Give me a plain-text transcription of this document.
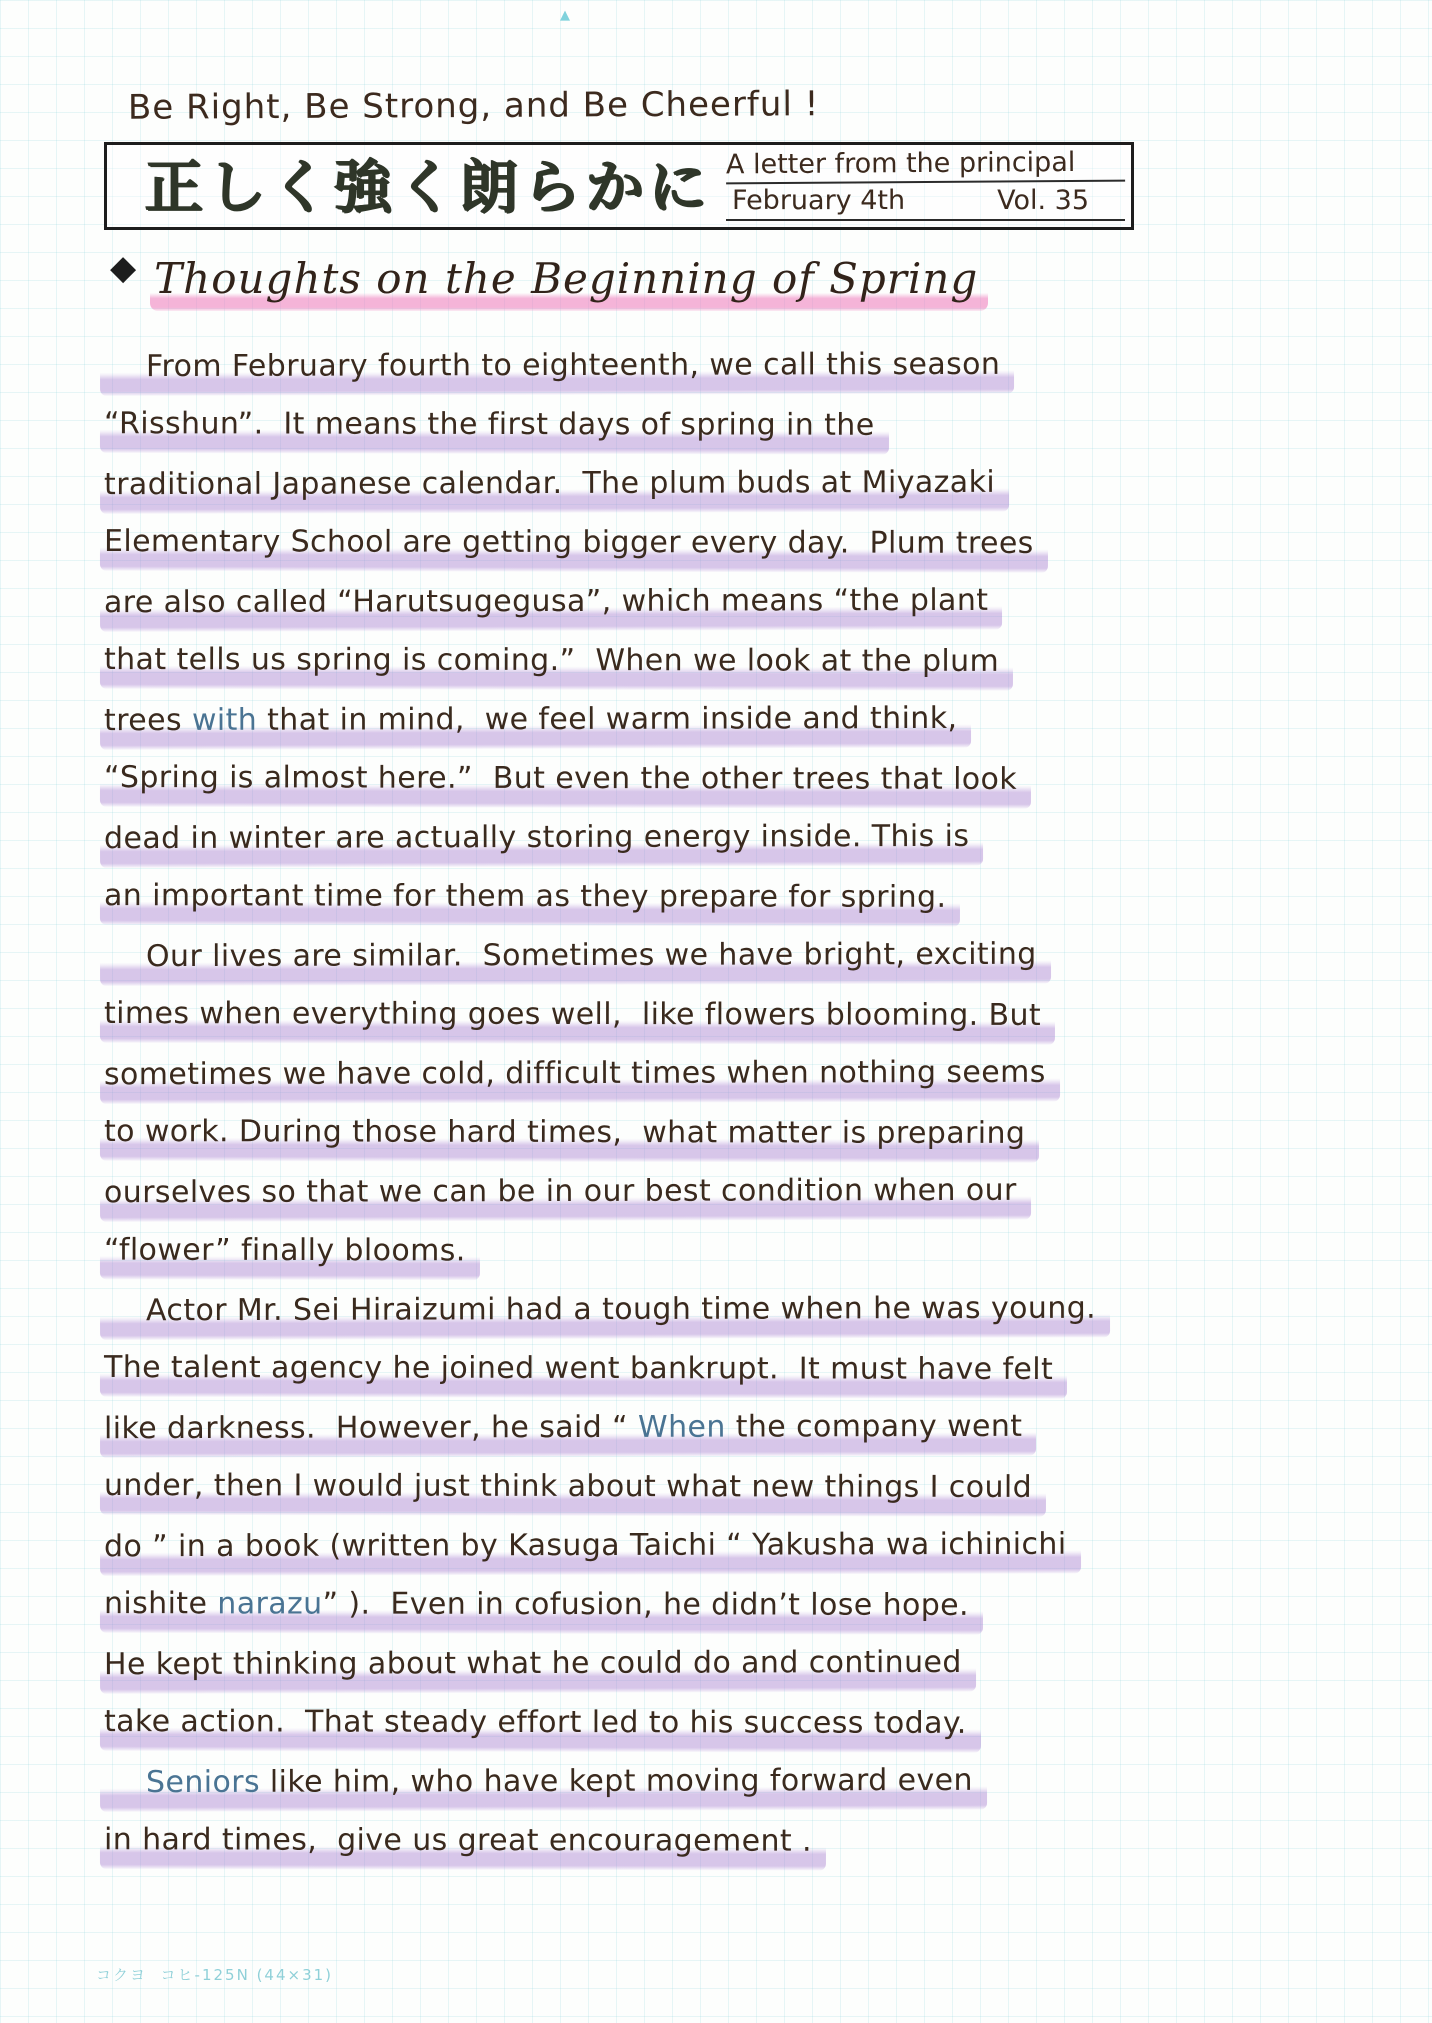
▲
Be Right, Be Strong, and Be Cheerful !
正しく強く朗らかに A letter from the principal
February 4th	Vol. 35
◆ Thoughts on the Beginning of Spring
From February fourth to eighteenth, we call this season
“Risshun”.  It means the first days of spring in the
traditional Japanese calendar.  The plum buds at Miyazaki
Elementary School are getting bigger every day.  Plum trees
are also called “Harutsugegusa”, which means “the plant
that tells us spring is coming.”  When we look at the plum
trees with that in mind,  we feel warm inside and think,
“Spring is almost here.”  But even the other trees that look
dead in winter are actually storing energy inside. This is
an important time for them as they prepare for spring.
Our lives are similar.  Sometimes we have bright, exciting
times when everything goes well,  like flowers blooming. But
sometimes we have cold, difficult times when nothing seems
to work. During those hard times,  what matter is preparing
ourselves so that we can be in our best condition when our
“flower” finally blooms.
Actor Mr. Sei Hiraizumi had a tough time when he was young.
The talent agency he joined went bankrupt.  It must have felt
like darkness.  However, he said “ When the company went
under, then I would just think about what new things I could
do ” in a book (written by Kasuga Taichi “ Yakusha wa ichinichi
nishite narazu” ).  Even in cofusion, he didn’t lose hope.
He kept thinking about what he could do and continued
take action.  That steady effort led to his success today.
Seniors like him, who have kept moving forward even
in hard times,  give us great encouragement .
コクヨ  コヒ-125N (44×31)
